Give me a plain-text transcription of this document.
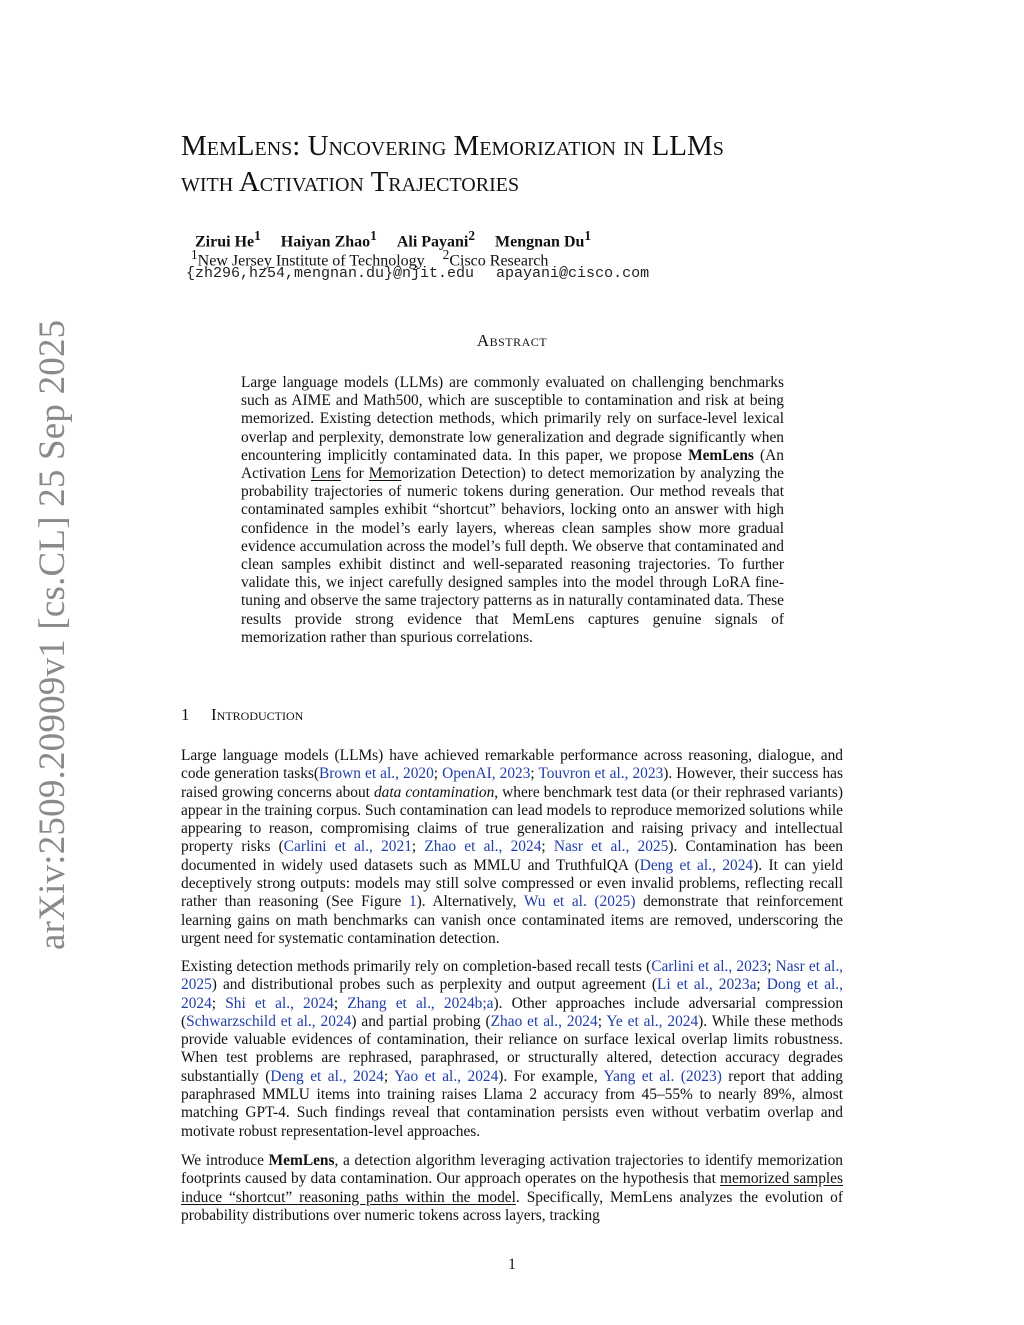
arXiv:2509.20909v1 [cs.CL] 25 Sep 2025
MemLens: Uncovering Memorization in LLMs
with Activation Trajectories
Zirui He$^1$ Haiyan Zhao$^1$ Ali Payani$^2$ Mengnan Du$^1$
$^1$New Jersey Institute of Technology $^2$Cisco Research
{zh296,hz54,mengnan.du}@njit.edu apayani@cisco.com
Abstract

Large language models (LLMs) are commonly evaluated on challenging benchmarks such as AIME and Math500, which are susceptible to contamination and risk at being memorized. Existing detection methods, which primarily rely on surface-level lexical overlap and perplexity, demonstrate low generalization and degrade significantly when encountering implicitly contaminated data. In this paper, we propose MemLens (An Activation Lens for Memorization Detection) to detect memorization by analyzing the probability trajectories of numeric tokens during generation. Our method reveals that contaminated samples exhibit “shortcut” behaviors, locking onto an answer with high confidence in the model’s early layers, whereas clean samples show more gradual evidence accumulation across the model’s full depth. We observe that contaminated and clean samples exhibit distinct and well-separated reasoning trajectories. To further validate this, we inject carefully designed samples into the model through LoRA fine-tuning and observe the same trajectory patterns as in naturally contaminated data. These results provide strong evidence that MemLens captures genuine signals of memorization rather than spurious correlations.

1 Introduction

Large language models (LLMs) have achieved remarkable performance across reasoning, dialogue, and code generation tasks(Brown et al., 2020; OpenAI, 2023; Touvron et al., 2023). However, their success has raised growing concerns about data contamination, where benchmark test data (or their rephrased variants) appear in the training corpus. Such contamination can lead models to reproduce memorized solutions while appearing to reason, compromising claims of true generalization and raising privacy and intellectual property risks (Carlini et al., 2021; Zhao et al., 2024; Nasr et al., 2025). Contamination has been documented in widely used datasets such as MMLU and TruthfulQA (Deng et al., 2024). It can yield deceptively strong outputs: models may still solve compressed or even invalid problems, reflecting recall rather than reasoning (See Figure 1). Alternatively, Wu et al. (2025) demonstrate that reinforcement learning gains on math benchmarks can vanish once contaminated items are removed, underscoring the urgent need for systematic contamination detection.

Existing detection methods primarily rely on completion-based recall tests (Carlini et al., 2023; Nasr et al., 2025) and distributional probes such as perplexity and output agreement (Li et al., 2023a; Dong et al., 2024; Shi et al., 2024; Zhang et al., 2024b;a). Other approaches include adversarial compression (Schwarzschild et al., 2024) and partial probing (Zhao et al., 2024; Ye et al., 2024). While these methods provide valuable evidences of contamination, their reliance on surface lexical overlap limits robustness. When test problems are rephrased, paraphrased, or structurally altered, detection accuracy degrades substantially (Deng et al., 2024; Yao et al., 2024). For example, Yang et al. (2023) report that adding paraphrased MMLU items into training raises Llama 2 accuracy from 45–55% to nearly 89%, almost matching GPT-4. Such findings reveal that contamination persists even without verbatim overlap and motivate robust representation-level approaches.

We introduce MemLens, a detection algorithm leveraging activation trajectories to identify memorization footprints caused by data contamination. Our approach operates on the hypothesis that memorized samples induce “shortcut” reasoning paths within the model. Specifically, MemLens analyzes the evolution of probability distributions over numeric tokens across layers, tracking

1
